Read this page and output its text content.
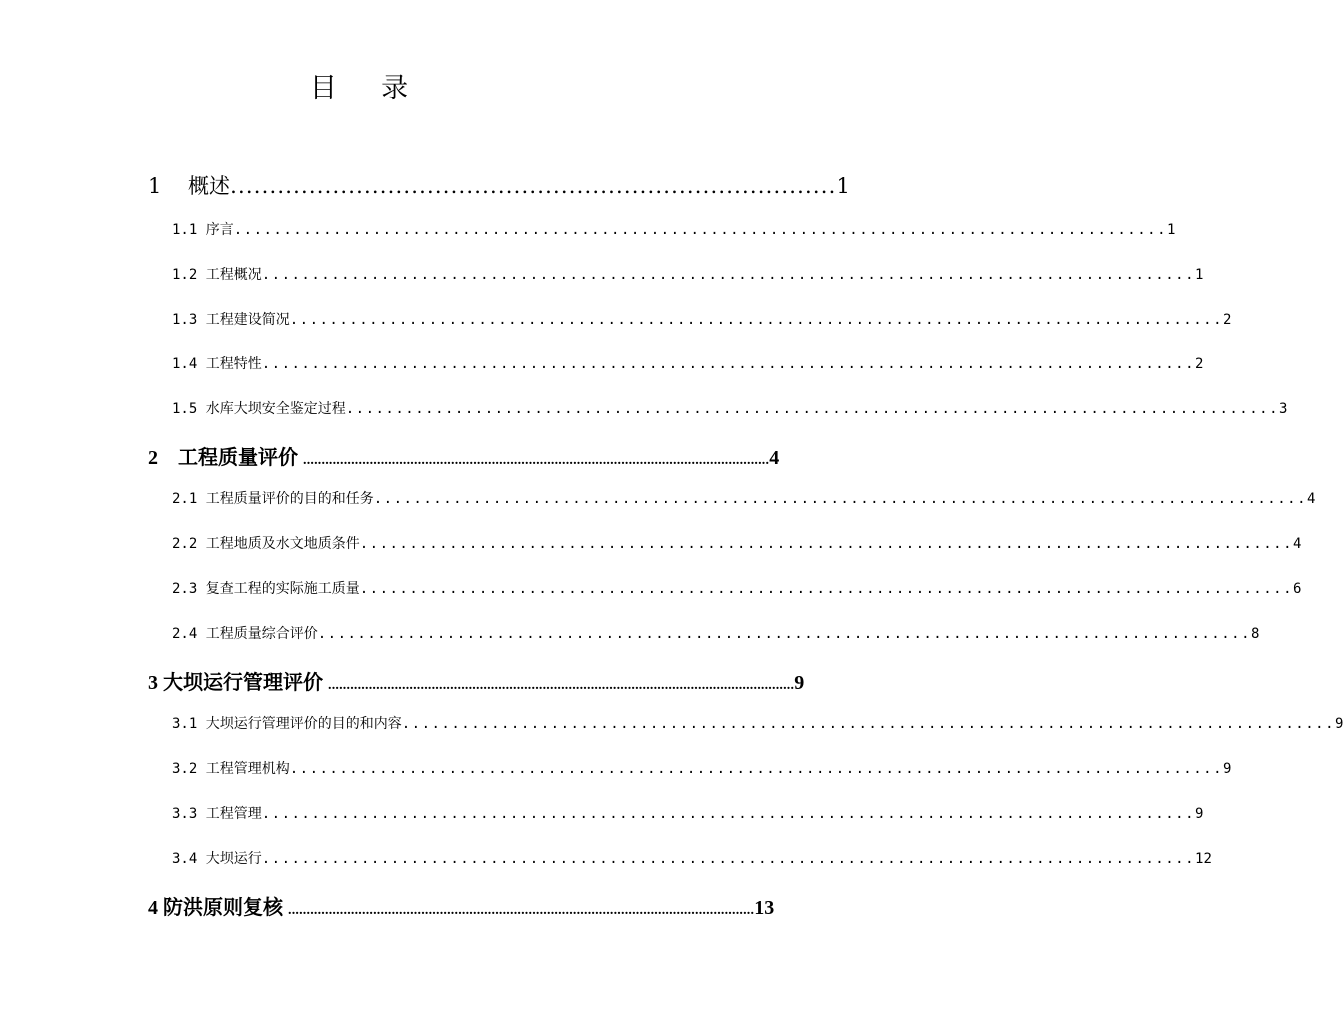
目    录
1    概述 ............................................................................. 1
1.1 序言 .............................................................................................. 1
1.2 工程概况 .............................................................................................. 1
1.3 工程建设简况 .............................................................................................. 2
1.4 工程特性 .............................................................................................. 2
1.5 水库大坝安全鉴定过程 .............................................................................................. 3
2    工程质量评价 .............................................................................................................................. 4
2.1 工程质量评价的目的和任务 .............................................................................................. 4
2.2 工程地质及水文地质条件 .............................................................................................. 4
2.3 复查工程的实际施工质量 .............................................................................................. 6
2.4 工程质量综合评价 .............................................................................................. 8
3 大坝运行管理评价 .............................................................................................................................. 9
3.1 大坝运行管理评价的目的和内容 .............................................................................................. 9
3.2 工程管理机构 .............................................................................................. 9
3.3 工程管理 .............................................................................................. 9
3.4 大坝运行 .............................................................................................. 12
4 防洪原则复核 .............................................................................................................................. 13
